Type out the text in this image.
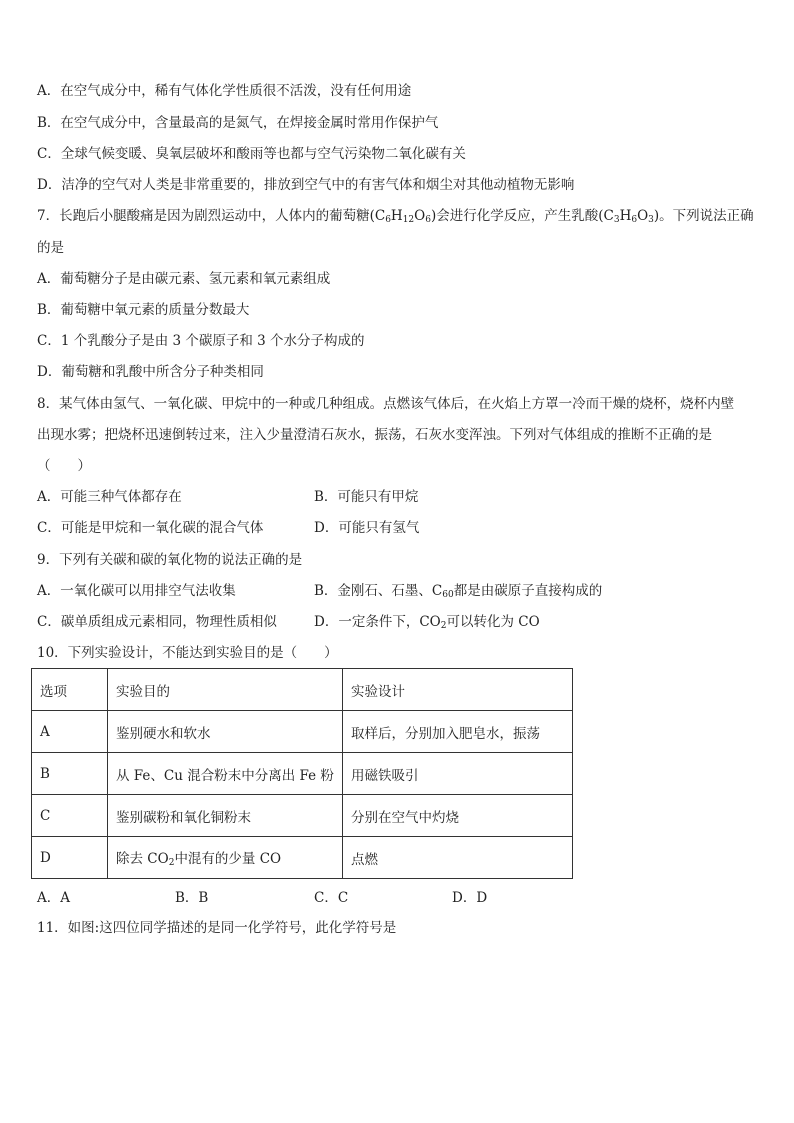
A．在空气成分中，稀有气体化学性质很不活泼，没有任何用途
B．在空气成分中，含量最高的是氮气，在焊接金属时常用作保护气
C．全球气候变暖、臭氧层破坏和酸雨等也都与空气污染物二氧化碳有关
D．洁净的空气对人类是非常重要的，排放到空气中的有害气体和烟尘对其他动植物无影响
7．长跑后小腿酸痛是因为剧烈运动中，人体内的葡萄糖$(C_6H_{12}O_6)$会进行化学反应，产生乳酸$(C_3H_6O_3)$。下列说法正确
的是
A．葡萄糖分子是由碳元素、氢元素和氧元素组成
B．葡萄糖中氧元素的质量分数最大
C．1 个乳酸分子是由 3 个碳原子和 3 个水分子构成的
D．葡萄糖和乳酸中所含分子种类相同
8．某气体由氢气、一氧化碳、甲烷中的一种或几种组成。点燃该气体后，在火焰上方罩一冷而干燥的烧杯，烧杯内壁
出现水雾；把烧杯迅速倒转过来，注入少量澄清石灰水，振荡，石灰水变浑浊。下列对气体组成的推断不正确的是
（　　）
A．可能三种气体都存在	B．可能只有甲烷
C．可能是甲烷和一氧化碳的混合气体	D．可能只有氢气
9．下列有关碳和碳的氧化物的说法正确的是
A．一氧化碳可以用排空气法收集	B．金刚石、石墨、$C_{60}$都是由碳原子直接构成的
C．碳单质组成元素相同，物理性质相似	D．一定条件下，$CO_2$可以转化为 CO
10．下列实验设计，不能达到实验目的是（　　）
选项	实验目的	实验设计
A	鉴别硬水和软水	取样后，分别加入肥皂水，振荡
B	从 Fe、Cu 混合粉末中分离出 Fe 粉	用磁铁吸引
C	鉴别碳粉和氧化铜粉末	分别在空气中灼烧
D	除去 $CO_2$中混有的少量 CO	点燃
A．A	B．B	C．C	D．D
11．如图:这四位同学描述的是同一化学符号，此化学符号是
